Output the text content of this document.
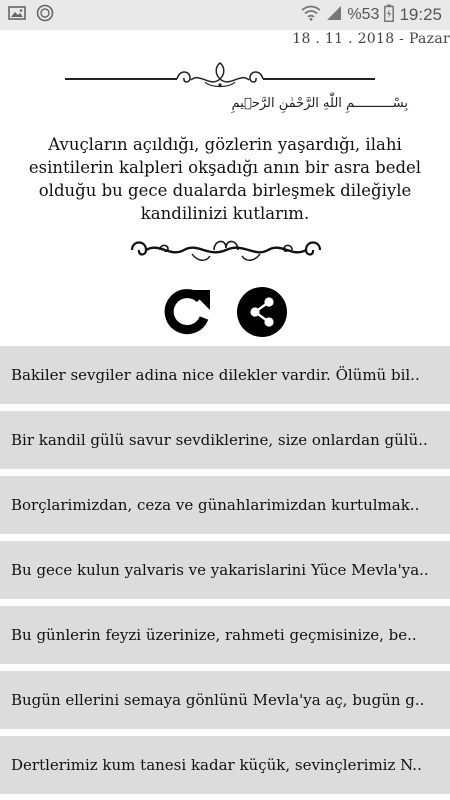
%53 19:25
18 . 11 . 2018 - Pazar
بِسْــــــــــمِ اللّٰهِ الرَّحْمٰنِ الرَّح۪يمِ
Avuçların açıldığı, gözlerin yaşardığı, ilahi esintilerin kalpleri okşadığı anın bir asra bedel olduğu bu gece dualarda birleşmek dileğiyle kandilinizi kutlarım.
Bakiler sevgiler adina nice dilekler vardir. Ölümü bil..
Bir kandil gülü savur sevdiklerine, size onlardan gülü..
Borçlarimizdan, ceza ve günahlarimizdan kurtulmak..
Bu gece kulun yalvaris ve yakarislarini Yüce Mevla'ya..
Bu günlerin feyzi üzerinize, rahmeti geçmisinize, be..
Bugün ellerini semaya gönlünü Mevla'ya aç, bugün g..
Dertlerimiz kum tanesi kadar küçük, sevinçlerimiz N..
